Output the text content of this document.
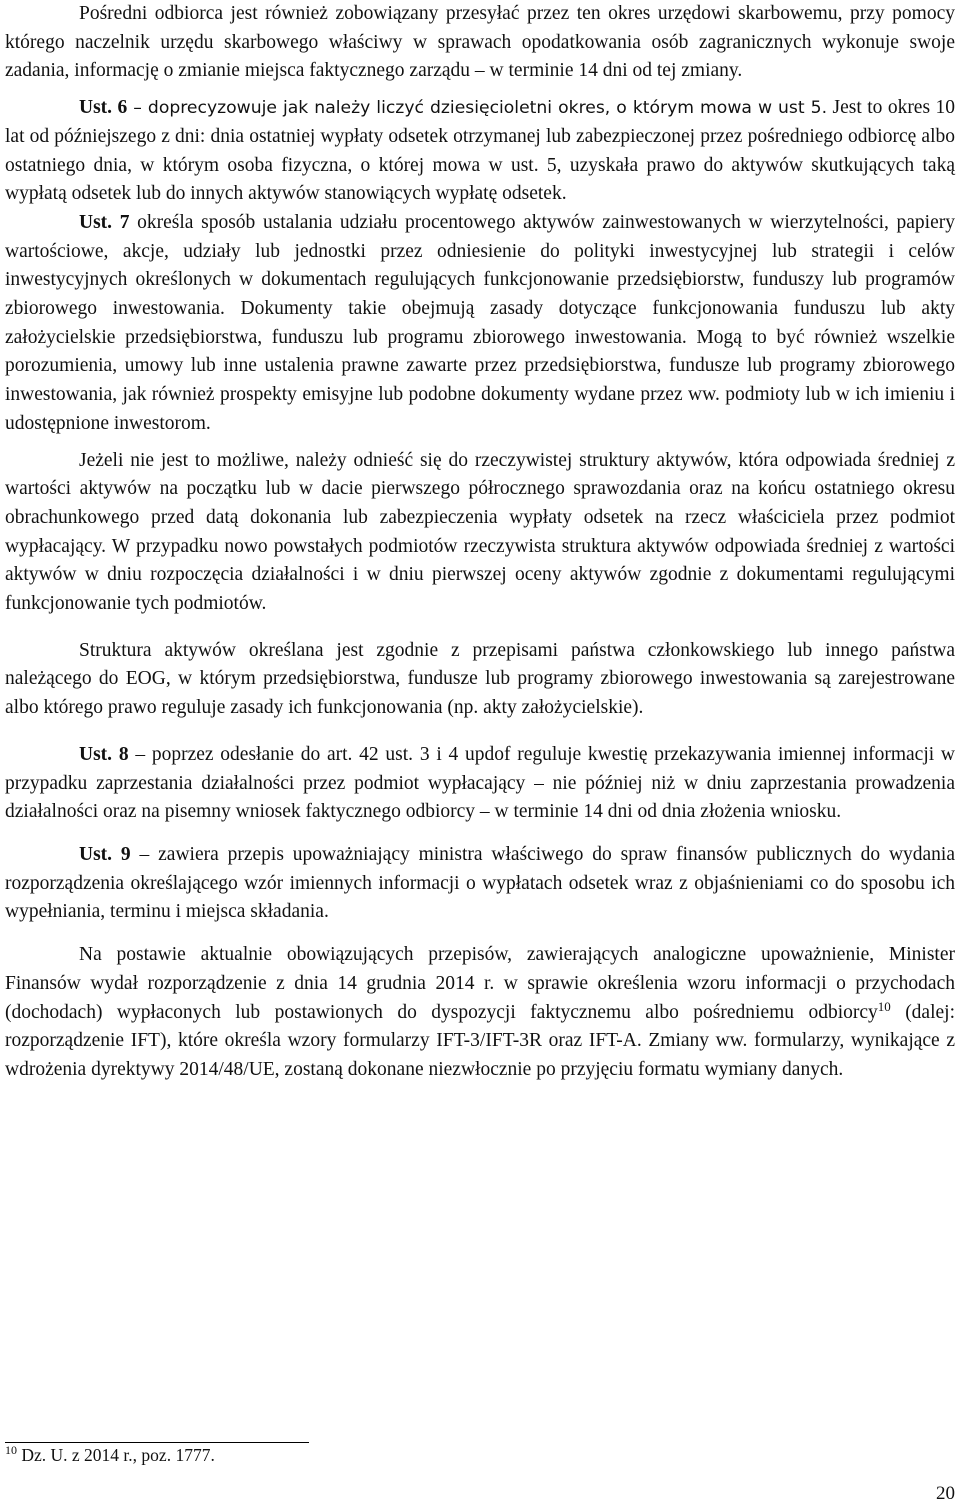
Pośredni odbiorca jest również zobowiązany przesyłać przez ten okres urzędowi skarbowemu, przy pomocy którego naczelnik urzędu skarbowego właściwy w sprawach opodatkowania osób zagranicznych wykonuje swoje zadania, informację o zmianie miejsca faktycznego zarządu – w terminie 14 dni od tej zmiany.

Ust. 6 – doprecyzowuje jak należy liczyć dziesięcioletni okres, o którym mowa w ust 5. Jest to okres 10 lat od późniejszego z dni: dnia ostatniej wypłaty odsetek otrzymanej lub zabezpieczonej przez pośredniego odbiorcę albo ostatniego dnia, w którym osoba fizyczna, o której mowa w ust. 5, uzyskała prawo do aktywów skutkujących taką wypłatą odsetek lub do innych aktywów stanowiących wypłatę odsetek.

Ust. 7 określa sposób ustalania udziału procentowego aktywów zainwestowanych w wierzytelności, papiery wartościowe, akcje, udziały lub jednostki przez odniesienie do polityki inwestycyjnej lub strategii i celów inwestycyjnych określonych w dokumentach regulujących funkcjonowanie przedsiębiorstw, funduszy lub programów zbiorowego inwestowania. Dokumenty takie obejmują zasady dotyczące funkcjonowania funduszu lub akty założycielskie przedsiębiorstwa, funduszu lub programu zbiorowego inwestowania. Mogą to być również wszelkie porozumienia, umowy lub inne ustalenia prawne zawarte przez przedsiębiorstwa, fundusze lub programy zbiorowego inwestowania, jak również prospekty emisyjne lub podobne dokumenty wydane przez ww. podmioty lub w ich imieniu i udostępnione inwestorom.

Jeżeli nie jest to możliwe, należy odnieść się do rzeczywistej struktury aktywów, która odpowiada średniej z wartości aktywów na początku lub w dacie pierwszego półrocznego sprawozdania oraz na końcu ostatniego okresu obrachunkowego przed datą dokonania lub zabezpieczenia wypłaty odsetek na rzecz właściciela przez podmiot wypłacający. W przypadku nowo powstałych podmiotów rzeczywista struktura aktywów odpowiada średniej z wartości aktywów w dniu rozpoczęcia działalności i w dniu pierwszej oceny aktywów zgodnie z dokumentami regulującymi funkcjonowanie tych podmiotów.

Struktura aktywów określana jest zgodnie z przepisami państwa członkowskiego lub innego państwa należącego do EOG, w którym przedsiębiorstwa, fundusze lub programy zbiorowego inwestowania są zarejestrowane albo którego prawo reguluje zasady ich funkcjonowania (np. akty założycielskie).

Ust. 8 – poprzez odesłanie do art. 42 ust. 3 i 4 updof reguluje kwestię przekazywania imiennej informacji w przypadku zaprzestania działalności przez podmiot wypłacający – nie później niż w dniu zaprzestania prowadzenia działalności oraz na pisemny wniosek faktycznego odbiorcy – w terminie 14 dni od dnia złożenia wniosku.

Ust. 9 – zawiera przepis upoważniający ministra właściwego do spraw finansów publicznych do wydania rozporządzenia określającego wzór imiennych informacji o wypłatach odsetek wraz z objaśnieniami co do sposobu ich wypełniania, terminu i miejsca składania.

Na postawie aktualnie obowiązujących przepisów, zawierających analogiczne upoważnienie, Minister Finansów wydał rozporządzenie z dnia 14 grudnia 2014 r. w sprawie określenia wzoru informacji o przychodach (dochodach) wypłaconych lub postawionych do dyspozycji faktycznemu albo pośredniemu odbiorcy$^{10}$ (dalej: rozporządzenie IFT), które określa wzory formularzy IFT-3/IFT-3R oraz IFT-A. Zmiany ww. formularzy, wynikające z wdrożenia dyrektywy 2014/48/UE, zostaną dokonane niezwłocznie po przyjęciu formatu wymiany danych.

$^{10}$ Dz. U. z 2014 r., poz. 1777.
20
